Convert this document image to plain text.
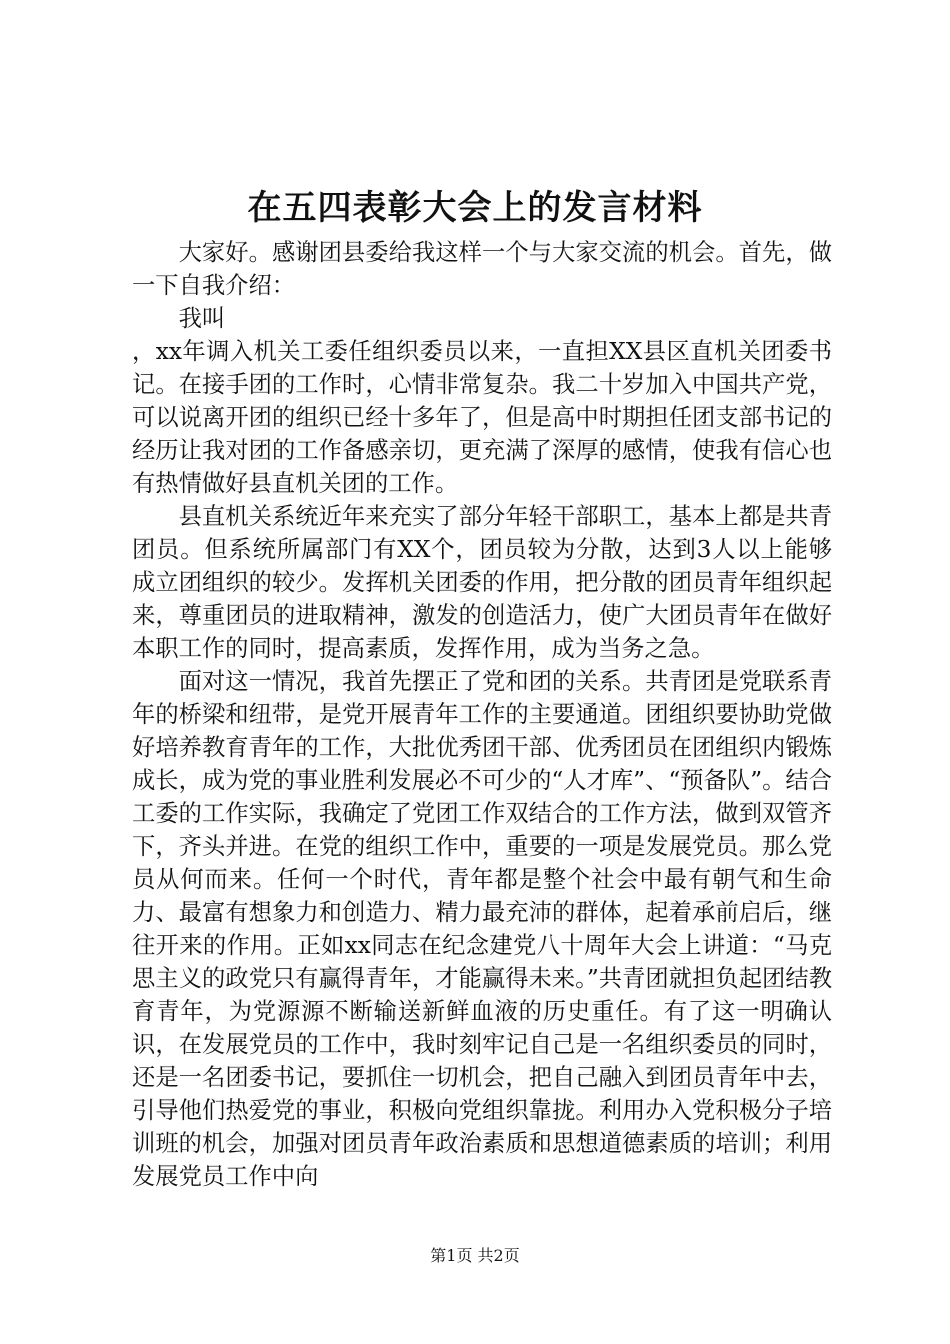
在五四表彰大会上的发言材料

大家好。感谢团县委给我这样一个与大家交流的机会。首先，做一下自我介绍：

我叫

，xx年调入机关工委任组织委员以来，一直担XX县区直机关团委书记。在接手团的工作时，心情非常复杂。我二十岁加入中国共产党，可以说离开团的组织已经十多年了，但是高中时期担任团支部书记的经历让我对团的工作备感亲切，更充满了深厚的感情，使我有信心也有热情做好县直机关团的工作。

县直机关系统近年来充实了部分年轻干部职工，基本上都是共青团员。但系统所属部门有XX个，团员较为分散，达到3人以上能够成立团组织的较少。发挥机关团委的作用，把分散的团员青年组织起来，尊重团员的进取精神，激发的创造活力，使广大团员青年在做好本职工作的同时，提高素质，发挥作用，成为当务之急。

面对这一情况，我首先摆正了党和团的关系。共青团是党联系青年的桥梁和纽带，是党开展青年工作的主要通道。团组织要协助党做好培养教育青年的工作，大批优秀团干部、优秀团员在团组织内锻炼成长，成为党的事业胜利发展必不可少的“人才库”、“预备队”。结合工委的工作实际，我确定了党团工作双结合的工作方法，做到双管齐下，齐头并进。在党的组织工作中，重要的一项是发展党员。那么党员从何而来。任何一个时代，青年都是整个社会中最有朝气和生命力、最富有想象力和创造力、精力最充沛的群体，起着承前启后，继往开来的作用。正如xx同志在纪念建党八十周年大会上讲道：“马克思主义的政党只有赢得青年，才能赢得未来。”共青团就担负起团结教育青年，为党源源不断输送新鲜血液的历史重任。有了这一明确认识，在发展党员的工作中，我时刻牢记自己是一名组织委员的同时，还是一名团委书记，要抓住一切机会，把自己融入到团员青年中去，引导他们热爱党的事业，积极向党组织靠拢。利用办入党积极分子培训班的机会，加强对团员青年政治素质和思想道德素质的培训；利用发展党员工作中向

第1页 共2页
